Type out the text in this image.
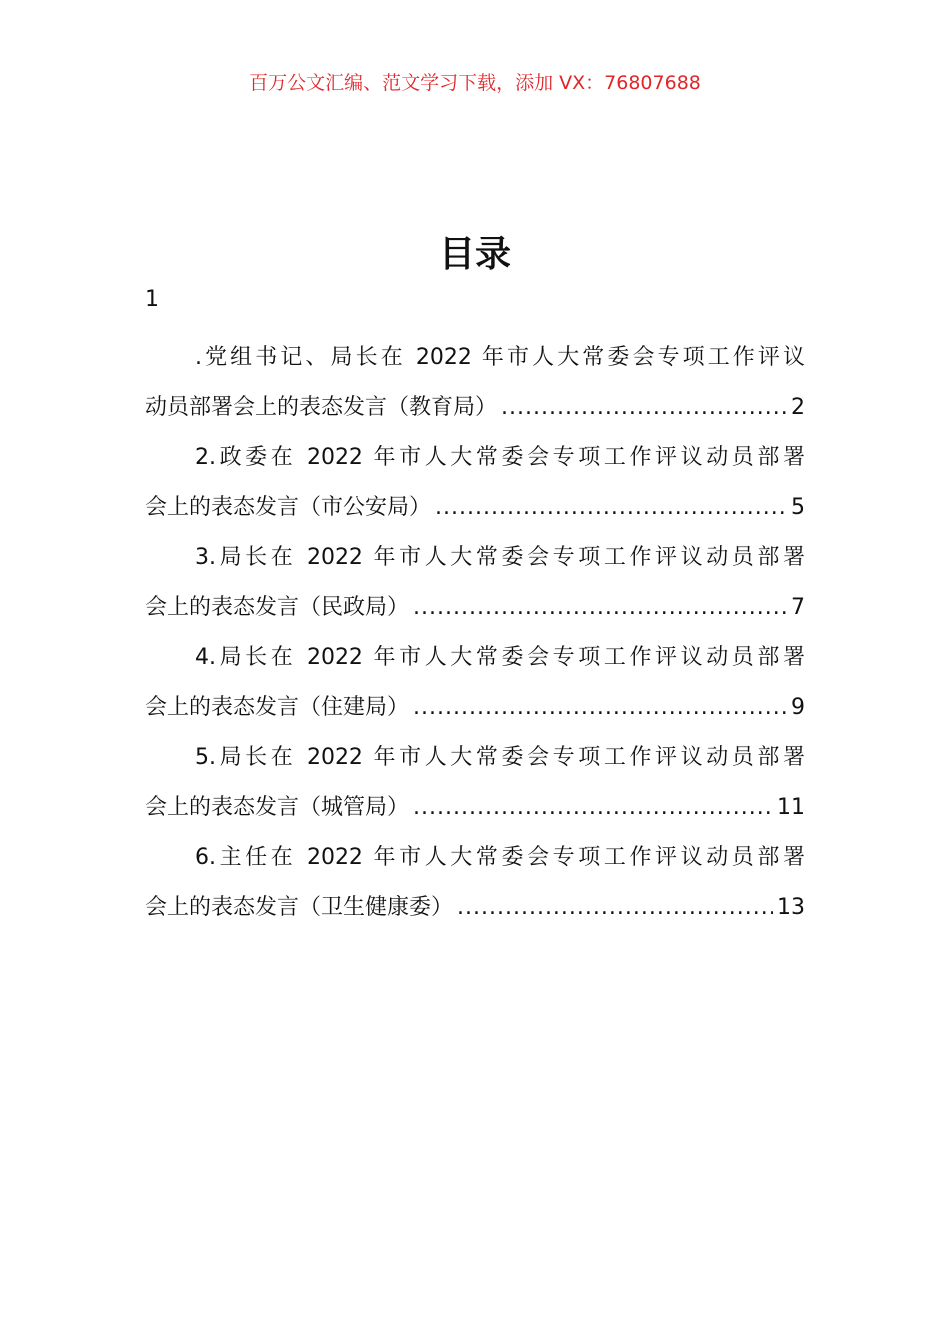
百万公文汇编、范文学习下载，添加 VX：76807688
目录
1
.党组书记、局长在 2022 年市人大常委会专项工作评议
动员部署会上的表态发言（教育局） .....	2
2.政委在 2022 年市人大常委会专项工作评议动员部署
会上的表态发言（市公安局） .....	5
3.局长在 2022 年市人大常委会专项工作评议动员部署
会上的表态发言（民政局） .....	7
4.局长在 2022 年市人大常委会专项工作评议动员部署
会上的表态发言（住建局） .....	9
5.局长在 2022 年市人大常委会专项工作评议动员部署
会上的表态发言（城管局） .....	11
6.主任在 2022 年市人大常委会专项工作评议动员部署
会上的表态发言（卫生健康委） .....	13
